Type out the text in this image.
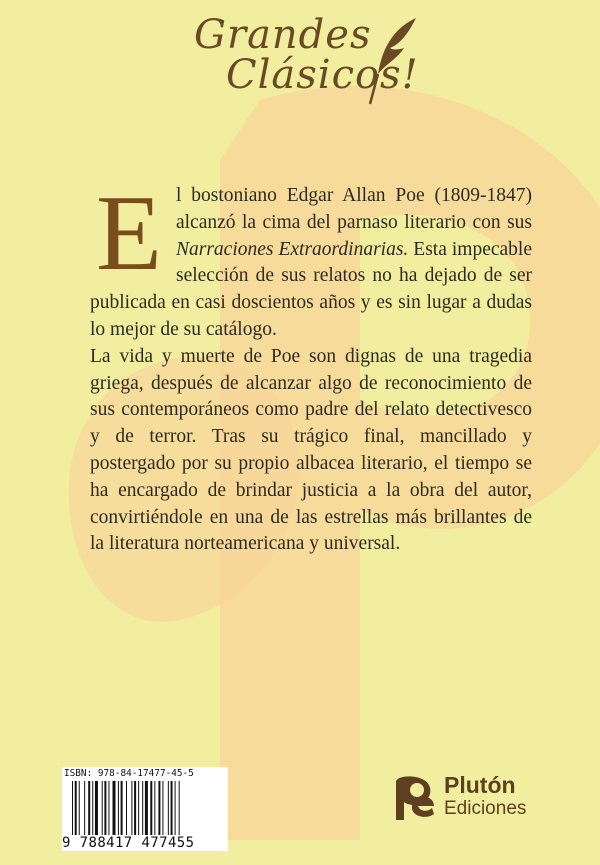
Grandes
Clásicos!

El bostoniano Edgar Allan Poe (1809-1847) alcanzó la cima del parnaso literario con sus Narraciones Extraordinarias. Esta impecable selección de sus relatos no ha dejado de ser publicada en casi doscientos años y es sin lugar a dudas lo mejor de su catálogo.

La vida y muerte de Poe son dignas de una tragedia griega, después de alcanzar algo de reconocimiento de sus contemporáneos como padre del relato detectivesco y de terror. Tras su trágico final, mancillado y postergado por su propio albacea literario, el tiempo se ha encargado de brindar justicia a la obra del autor, convirtiéndole en una de las estrellas más brillantes de la literatura norteamericana y universal.

ISBN: 978-84-17477-45-5
9 788417 477455
Plutón
Ediciones
